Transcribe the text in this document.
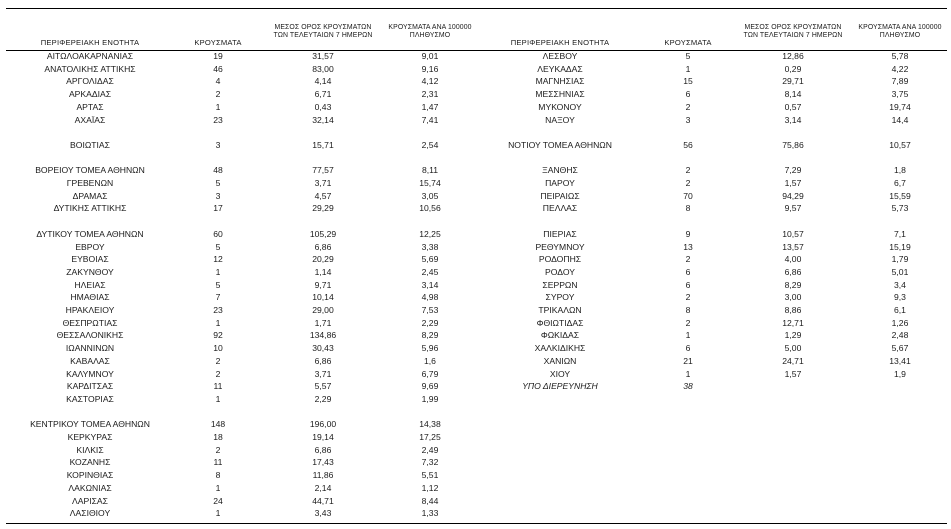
ΠΕΡΙΦΕΡΕΙΑΚΗ ΕΝΟΤΗΤΑ	ΚΡΟΥΣΜΑΤΑ	ΜΕΣΟΣ ΟΡΟΣ ΚΡΟΥΣΜΑΤΩΝ
ΤΩΝ ΤΕΛΕΥΤΑΙΩΝ 7 ΗΜΕΡΩΝ	ΚΡΟΥΣΜΑΤΑ ΑΝΑ 100000
ΠΛΗΘΥΣΜΟ
ΑΙΤΩΛΟΑΚΑΡΝΑΝΙΑΣ	19	31,57	9,01
ΑΝΑΤΟΛΙΚΗΣ ΑΤΤΙΚΗΣ	46	83,00	9,16
ΑΡΓΟΛΙΔΑΣ	4	4,14	4,12
ΑΡΚΑΔΙΑΣ	2	6,71	2,31
ΑΡΤΑΣ	1	0,43	1,47
ΑΧΑΪΑΣ	23	32,14	7,41

ΒΟΙΩΤΙΑΣ	3	15,71	2,54

ΒΟΡΕΙΟΥ ΤΟΜΕΑ ΑΘΗΝΩΝ	48	77,57	8,11
ΓΡΕΒΕΝΩΝ	5	3,71	15,74
ΔΡΑΜΑΣ	3	4,57	3,05
ΔΥΤΙΚΗΣ ΑΤΤΙΚΗΣ	17	29,29	10,56

ΔΥΤΙΚΟΥ ΤΟΜΕΑ ΑΘΗΝΩΝ	60	105,29	12,25
ΕΒΡΟΥ	5	6,86	3,38
ΕΥΒΟΙΑΣ	12	20,29	5,69
ΖΑΚΥΝΘΟΥ	1	1,14	2,45
ΗΛΕΙΑΣ	5	9,71	3,14
ΗΜΑΘΙΑΣ	7	10,14	4,98
ΗΡΑΚΛΕΙΟΥ	23	29,00	7,53
ΘΕΣΠΡΩΤΙΑΣ	1	1,71	2,29
ΘΕΣΣΑΛΟΝΙΚΗΣ	92	134,86	8,29
ΙΩΑΝΝΙΝΩΝ	10	30,43	5,96
ΚΑΒΑΛΑΣ	2	6,86	1,6
ΚΑΛΥΜΝΟΥ	2	3,71	6,79
ΚΑΡΔΙΤΣΑΣ	11	5,57	9,69
ΚΑΣΤΟΡΙΑΣ	1	2,29	1,99

ΚΕΝΤΡΙΚΟΥ ΤΟΜΕΑ ΑΘΗΝΩΝ	148	196,00	14,38
ΚΕΡΚΥΡΑΣ	18	19,14	17,25
ΚΙΛΚΙΣ	2	6,86	2,49
ΚΟΖΑΝΗΣ	11	17,43	7,32
ΚΟΡΙΝΘΙΑΣ	8	11,86	5,51
ΛΑΚΩΝΙΑΣ	1	2,14	1,12
ΛΑΡΙΣΑΣ	24	44,71	8,44
ΛΑΣΙΘΙΟΥ	1	3,43	1,33
ΠΕΡΙΦΕΡΕΙΑΚΗ ΕΝΟΤΗΤΑ	ΚΡΟΥΣΜΑΤΑ	ΜΕΣΟΣ ΟΡΟΣ ΚΡΟΥΣΜΑΤΩΝ
ΤΩΝ ΤΕΛΕΥΤΑΙΩΝ 7 ΗΜΕΡΩΝ	ΚΡΟΥΣΜΑΤΑ ΑΝΑ 100000
ΠΛΗΘΥΣΜΟ
ΛΕΣΒΟΥ	5	12,86	5,78
ΛΕΥΚΑΔΑΣ	1	0,29	4,22
ΜΑΓΝΗΣΙΑΣ	15	29,71	7,89
ΜΕΣΣΗΝΙΑΣ	6	8,14	3,75
ΜΥΚΟΝΟΥ	2	0,57	19,74
ΝΑΞΟΥ	3	3,14	14,4

ΝΟΤΙΟΥ ΤΟΜΕΑ ΑΘΗΝΩΝ	56	75,86	10,57

ΞΑΝΘΗΣ	2	7,29	1,8
ΠΑΡΟΥ	2	1,57	6,7
ΠΕΙΡΑΙΩΣ	70	94,29	15,59
ΠΕΛΛΑΣ	8	9,57	5,73

ΠΙΕΡΙΑΣ	9	10,57	7,1
ΡΕΘΥΜΝΟΥ	13	13,57	15,19
ΡΟΔΟΠΗΣ	2	4,00	1,79
ΡΟΔΟΥ	6	6,86	5,01
ΣΕΡΡΩΝ	6	8,29	3,4
ΣΥΡΟΥ	2	3,00	9,3
ΤΡΙΚΑΛΩΝ	8	8,86	6,1
ΦΘΙΩΤΙΔΑΣ	2	12,71	1,26
ΦΩΚΙΔΑΣ	1	1,29	2,48
ΧΑΛΚΙΔΙΚΗΣ	6	5,00	5,67
ΧΑΝΙΩΝ	21	24,71	13,41
ΧΙΟΥ	1	1,57	1,9
ΥΠΟ ΔΙΕΡΕΥΝΗΣΗ	38		
